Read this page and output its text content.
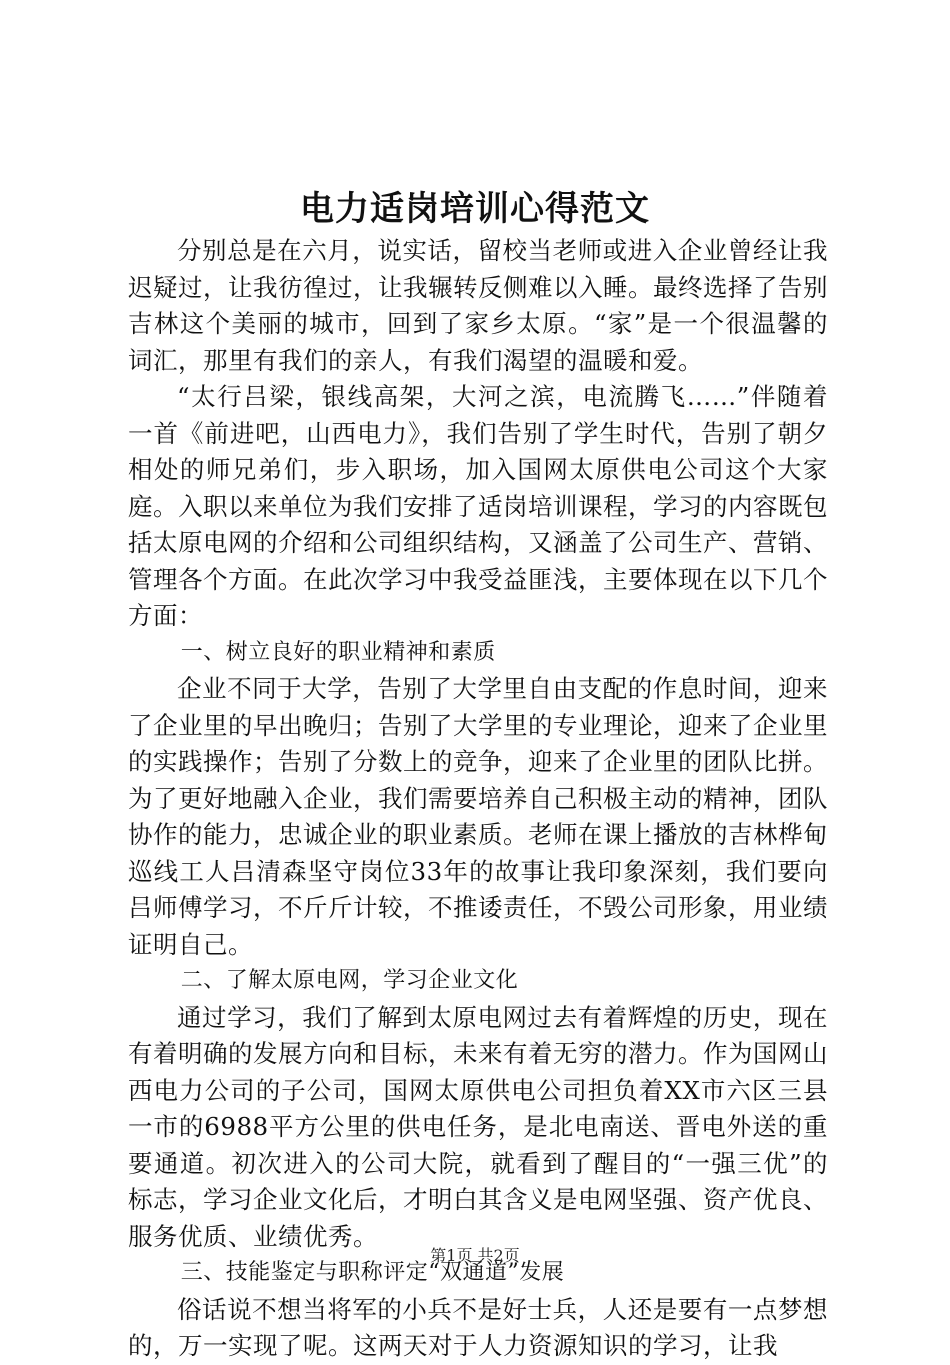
电力适岗培训心得范文

分别总是在六月，说实话，留校当老师或进入企业曾经让我迟疑过，让我彷徨过，让我辗转反侧难以入睡。最终选择了告别吉林这个美丽的城市，回到了家乡太原。“家”是一个很温馨的词汇，那里有我们的亲人，有我们渴望的温暖和爱。

“太行吕梁，银线高架，大河之滨，电流腾飞……”伴随着一首《前进吧，山西电力》，我们告别了学生时代，告别了朝夕相处的师兄弟们，步入职场，加入国网太原供电公司这个大家庭。入职以来单位为我们安排了适岗培训课程，学习的内容既包括太原电网的介绍和公司组织结构，又涵盖了公司生产、营销、管理各个方面。在此次学习中我受益匪浅，主要体现在以下几个方面：

一、树立良好的职业精神和素质

企业不同于大学，告别了大学里自由支配的作息时间，迎来了企业里的早出晚归；告别了大学里的专业理论，迎来了企业里的实践操作；告别了分数上的竞争，迎来了企业里的团队比拼。为了更好地融入企业，我们需要培养自己积极主动的精神，团队协作的能力，忠诚企业的职业素质。老师在课上播放的吉林桦甸巡线工人吕清森坚守岗位33年的故事让我印象深刻，我们要向吕师傅学习，不斤斤计较，不推诿责任，不毁公司形象，用业绩证明自己。

二、了解太原电网，学习企业文化

通过学习，我们了解到太原电网过去有着辉煌的历史，现在有着明确的发展方向和目标，未来有着无穷的潜力。作为国网山西电力公司的子公司，国网太原供电公司担负着XX市六区三县一市的6988平方公里的供电任务，是北电南送、晋电外送的重要通道。初次进入的公司大院，就看到了醒目的“一强三优”的标志，学习企业文化后，才明白其含义是电网坚强、资产优良、服务优质、业绩优秀。

三、技能鉴定与职称评定“双通道”发展

俗话说不想当将军的小兵不是好士兵，人还是要有一点梦想的，万一实现了呢。这两天对于人力资源知识的学习，让我

第1页 共2页
